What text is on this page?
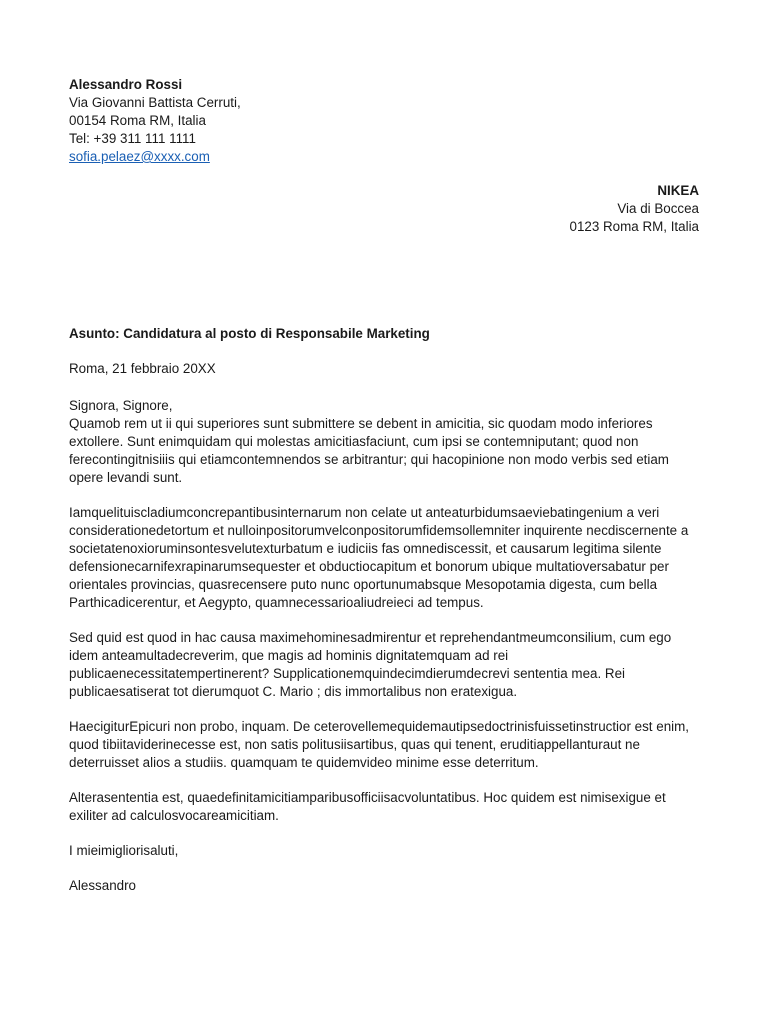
Alessandro Rossi
Via Giovanni Battista Cerruti,
00154 Roma RM, Italia
Tel: +39 311 111 1111
sofia.pelaez@xxxx.com
NIKEA
Via di Boccea
0123 Roma RM, Italia
Asunto: Candidatura al posto di Responsabile Marketing
Roma, 21 febbraio 20XX

Signora, Signore,

Quamob rem ut ii qui superiores sunt submittere se debent in amicitia, sic quodam modo inferiores extollere. Sunt enimquidam qui molestas amicitiasfaciunt, cum ipsi se contemniputant; quod non ferecontingitnisiiis qui etiamcontemnendos se arbitrantur; qui hacopinione non modo verbis sed etiam opere levandi sunt.

Iamquelituiscladiumconcrepantibusinternarum non celate ut anteaturbidumsaeviebatingenium a veri considerationedetortum et nulloinpositorumvelconpositorumfidemsollemniter inquirente necdiscernente a societatenoxioruminsontesvelutexturbatum e iudiciis fas omnediscessit, et causarum legitima silente defensionecarnifexrapinarumsequester et obductiocapitum et bonorum ubique multatioversabatur per orientales provincias, quasrecensere puto nunc oportunumabsque Mesopotamia digesta, cum bella Parthicadicerentur, et Aegypto, quamnecessarioaliudreieci ad tempus.

Sed quid est quod in hac causa maximehominesadmirentur et reprehendantmeumconsilium, cum ego idem anteamultadecreverim, que magis ad hominis dignitatemquam ad rei publicaenecessitatempertinerent? Supplicationemquindecimdierumdecrevi sententia mea. Rei publicaesatiserat tot dierumquot C. Mario ; dis immortalibus non eratexigua.

HaecigiturEpicuri non probo, inquam. De ceterovellemequidemautipsedoctrinisfuissetinstructior est enim, quod tibiitaviderinecesse est, non satis politusiisartibus, quas qui tenent, eruditiappellanturaut ne deterruisset alios a studiis. quamquam te quidemvideo minime esse deterritum.

Alterasententia est, quaedefinitamicitiamparibusofficiisacvoluntatibus. Hoc quidem est nimisexigue et exiliter ad calculosvocareamicitiam.

I mieimigliorisaluti,

Alessandro
